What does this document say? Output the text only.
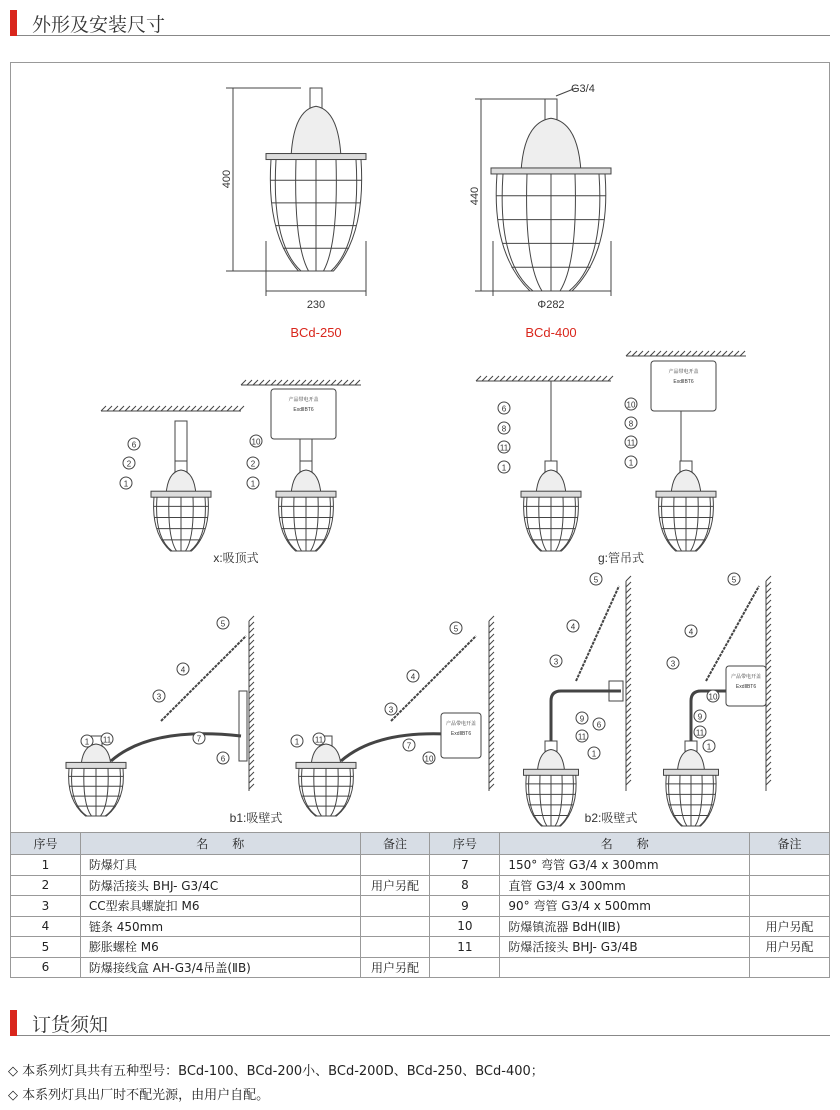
外形及安装尺寸
产品带电开盖
ExdⅡBT6
6
2
1
10
2
1
产品带电开盖
ExdⅡBT6
6
8
11
1
10
8
11
1
产品带电开盖
ExdⅡBT6
5
4
3
7
6
1 11
5
4
3
7
10
1 11
产品带电开盖
ExdⅡBT6
5
4
3
9
11
6
1
5
4
3
9
11
10
1
400
230
BCd-250
440
G3/4
Φ282
BCd-400
x:吸顶式	g:管吊式
b1:吸壁式	b2:吸壁式
序号	名　　称	备注	序号	名　　称	备注
1	防爆灯具		7	150° 弯管 G3/4 x 300mm	
2	防爆活接头 BHJ- G3/4C	用户另配	8	直管 G3/4 x 300mm	
3	CC型索具螺旋扣 M6		9	90° 弯管 G3/4 x 500mm	
4	链条 450mm		10	防爆镇流器 BdH(ⅡB)	用户另配
5	膨胀螺栓 M6		11	防爆活接头 BHJ- G3/4B	用户另配
6	防爆接线盒 AH-G3/4吊盖(ⅡB)	用户另配			
订货须知
◇ 本系列灯具共有五种型号：BCd-100、BCd-200小、BCd-200D、BCd-250、BCd-400；
◇ 本系列灯具出厂时不配光源，由用户自配。
